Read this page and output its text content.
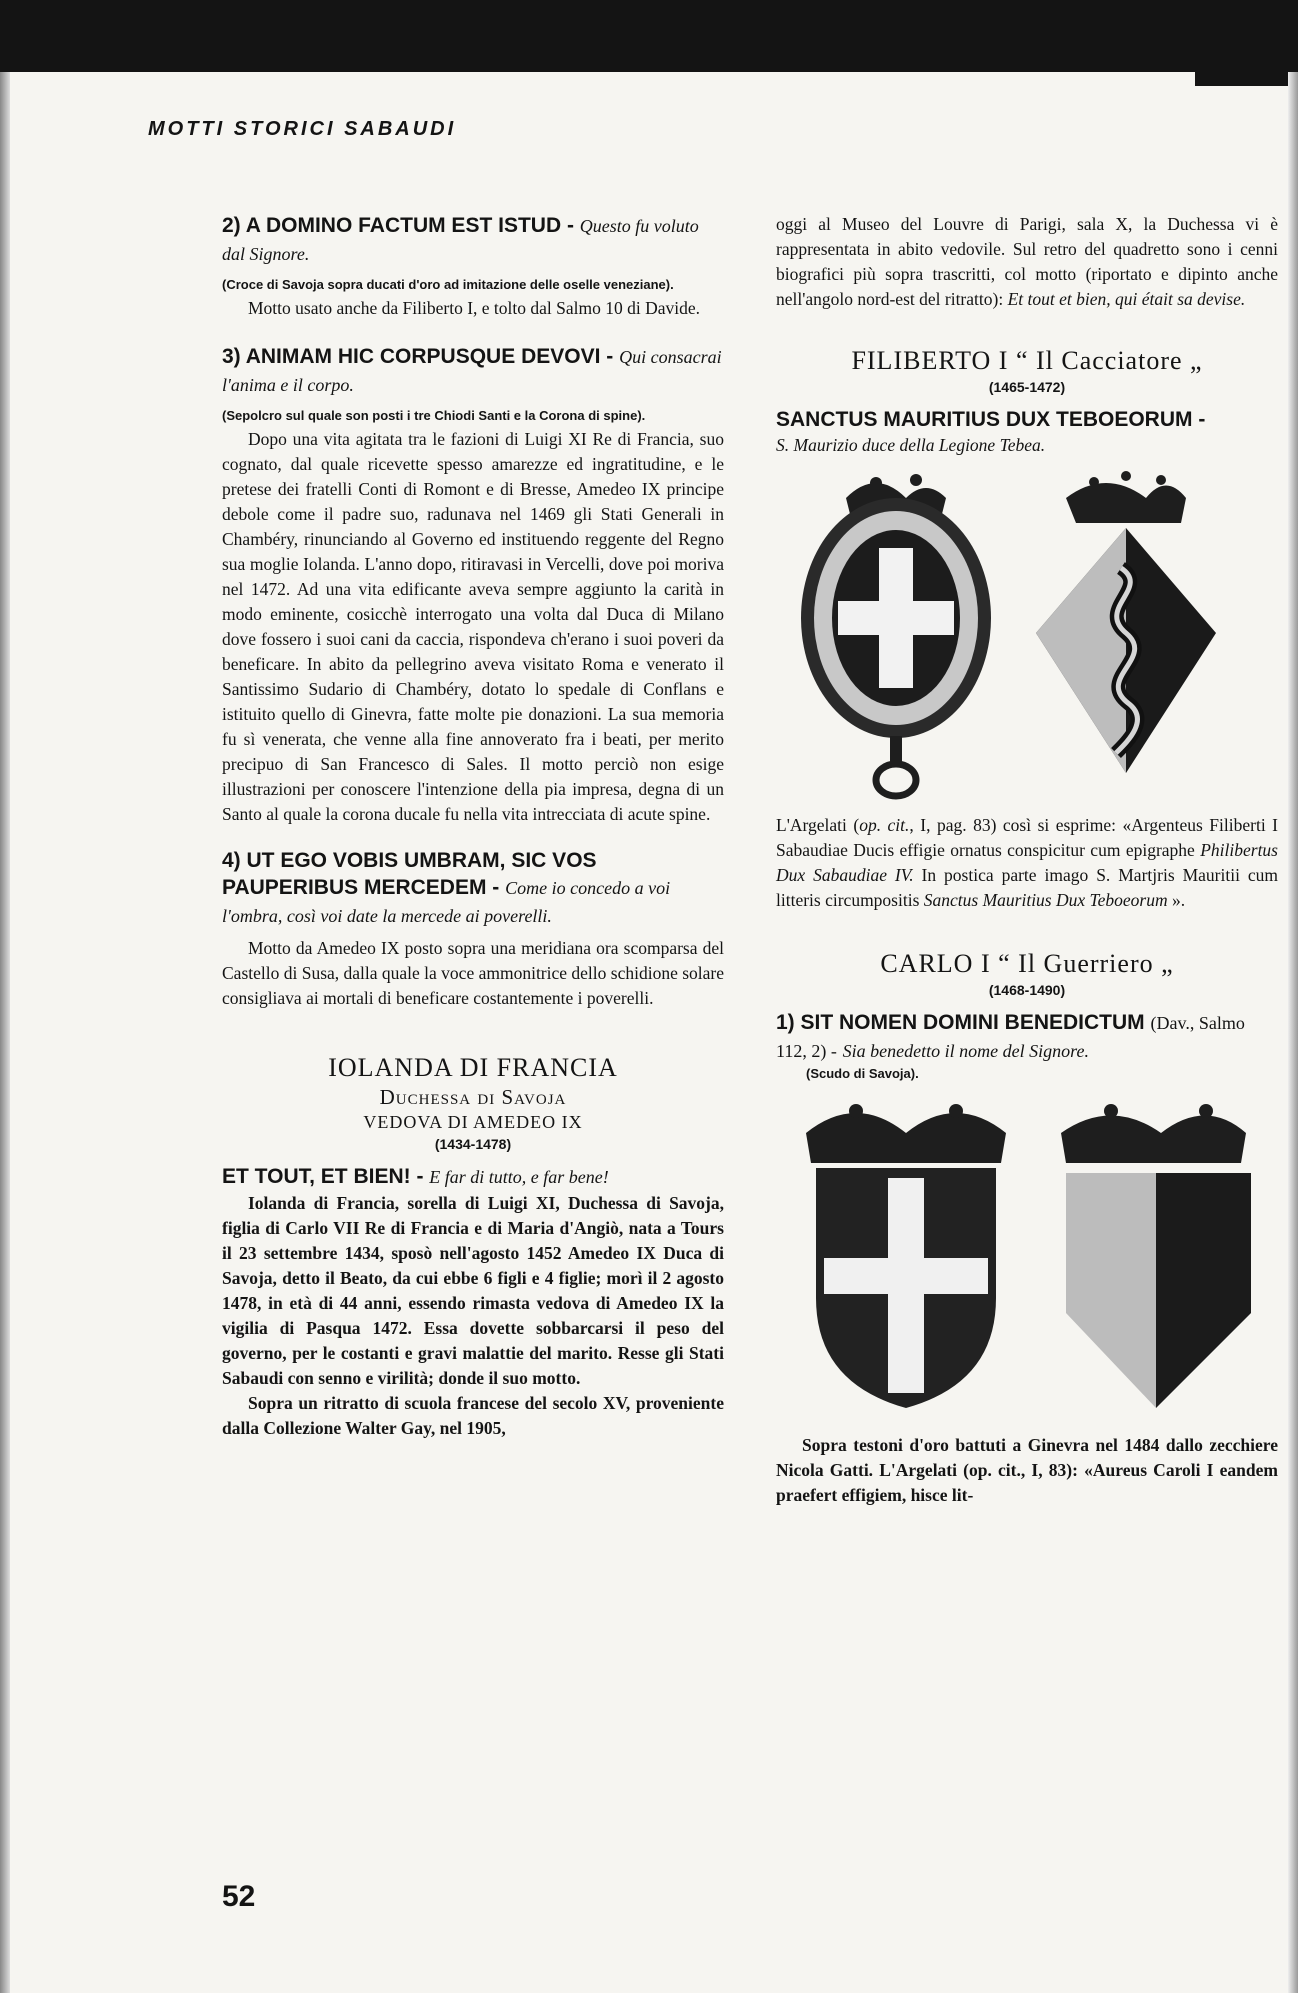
MOTTI STORICI SABAUDI

2) A DOMINO FACTUM EST ISTUD - Questo fu voluto dal Signore.

(Croce di Savoja sopra ducati d'oro ad imitazione delle oselle veneziane).

Motto usato anche da Filiberto I, e tolto dal Salmo 10 di Davide.

3) ANIMAM HIC CORPUSQUE DEVOVI - Qui consacrai l'anima e il corpo.

(Sepolcro sul quale son posti i tre Chiodi Santi e la Corona di spine).

Dopo una vita agitata tra le fazioni di Luigi XI Re di Francia, suo cognato, dal quale ricevette spesso amarezze ed ingratitudine, e le pretese dei fratelli Conti di Romont e di Bresse, Amedeo IX principe debole come il padre suo, radunava nel 1469 gli Stati Generali in Chambéry, rinunciando al Governo ed instituendo reggente del Regno sua moglie Iolanda. L'anno dopo, ritiravasi in Vercelli, dove poi moriva nel 1472. Ad una vita edificante aveva sempre aggiunto la carità in modo eminente, cosicchè interrogato una volta dal Duca di Milano dove fossero i suoi cani da caccia, rispondeva ch'erano i suoi poveri da beneficare. In abito da pellegrino aveva visitato Roma e venerato il Santissimo Sudario di Chambéry, dotato lo spedale di Conflans e istituito quello di Ginevra, fatte molte pie donazioni. La sua memoria fu sì venerata, che venne alla fine annoverato fra i beati, per merito precipuo di San Francesco di Sales. Il motto perciò non esige illustrazioni per conoscere l'intenzione della pia impresa, degna di un Santo al quale la corona ducale fu nella vita intrecciata di acute spine.

4) UT EGO VOBIS UMBRAM, SIC VOS PAUPERIBUS MERCEDEM - Come io concedo a voi l'ombra, così voi date la mercede ai poverelli.

Motto da Amedeo IX posto sopra una meridiana ora scomparsa del Castello di Susa, dalla quale la voce ammonitrice dello schidione solare consigliava ai mortali di beneficare costantemente i poverelli.

IOLANDA DI FRANCIA

Duchessa di Savoja

VEDOVA DI AMEDEO IX

(1434-1478)

ET TOUT, ET BIEN! - E far di tutto, e far bene!

Iolanda di Francia, sorella di Luigi XI, Duchessa di Savoja, figlia di Carlo VII Re di Francia e di Maria d'Angiò, nata a Tours il 23 settembre 1434, sposò nell'agosto 1452 Amedeo IX Duca di Savoja, detto il Beato, da cui ebbe 6 figli e 4 figlie; morì il 2 agosto 1478, in età di 44 anni, essendo rimasta vedova di Amedeo IX la vigilia di Pasqua 1472. Essa dovette sobbarcarsi il peso del governo, per le costanti e gravi malattie del marito. Resse gli Stati Sabaudi con senno e virilità; donde il suo motto.

Sopra un ritratto di scuola francese del secolo XV, proveniente dalla Collezione Walter Gay, nel 1905,

oggi al Museo del Louvre di Parigi, sala X, la Duchessa vi è rappresentata in abito vedovile. Sul retro del quadretto sono i cenni biografici più sopra trascritti, col motto (riportato e dipinto anche nell'angolo nord-est del ritratto): Et tout et bien, qui était sa devise.

FILIBERTO I “ Il Cacciatore „

(1465-1472)

SANCTUS MAURITIUS DUX TEBOEORUM -

S. Maurizio duce della Legione Tebea.

L'Argelati (op. cit., I, pag. 83) così si esprime: «Argenteus Filiberti I Sabaudiae Ducis effigie ornatus conspicitur cum epigraphe Philibertus Dux Sabaudiae IV. In postica parte imago S. Martjris Mauritii cum litteris circumpositis Sanctus Mauritius Dux Teboeorum ».

CARLO I “ Il Guerriero „

(1468-1490)

1) SIT NOMEN DOMINI BENEDICTUM (Dav., Salmo 112, 2) - Sia benedetto il nome del Signore.

(Scudo di Savoja).

Sopra testoni d'oro battuti a Ginevra nel 1484 dallo zecchiere Nicola Gatti. L'Argelati (op. cit., I, 83): «Aureus Caroli I eandem praefert effigiem, hisce lit-

52
